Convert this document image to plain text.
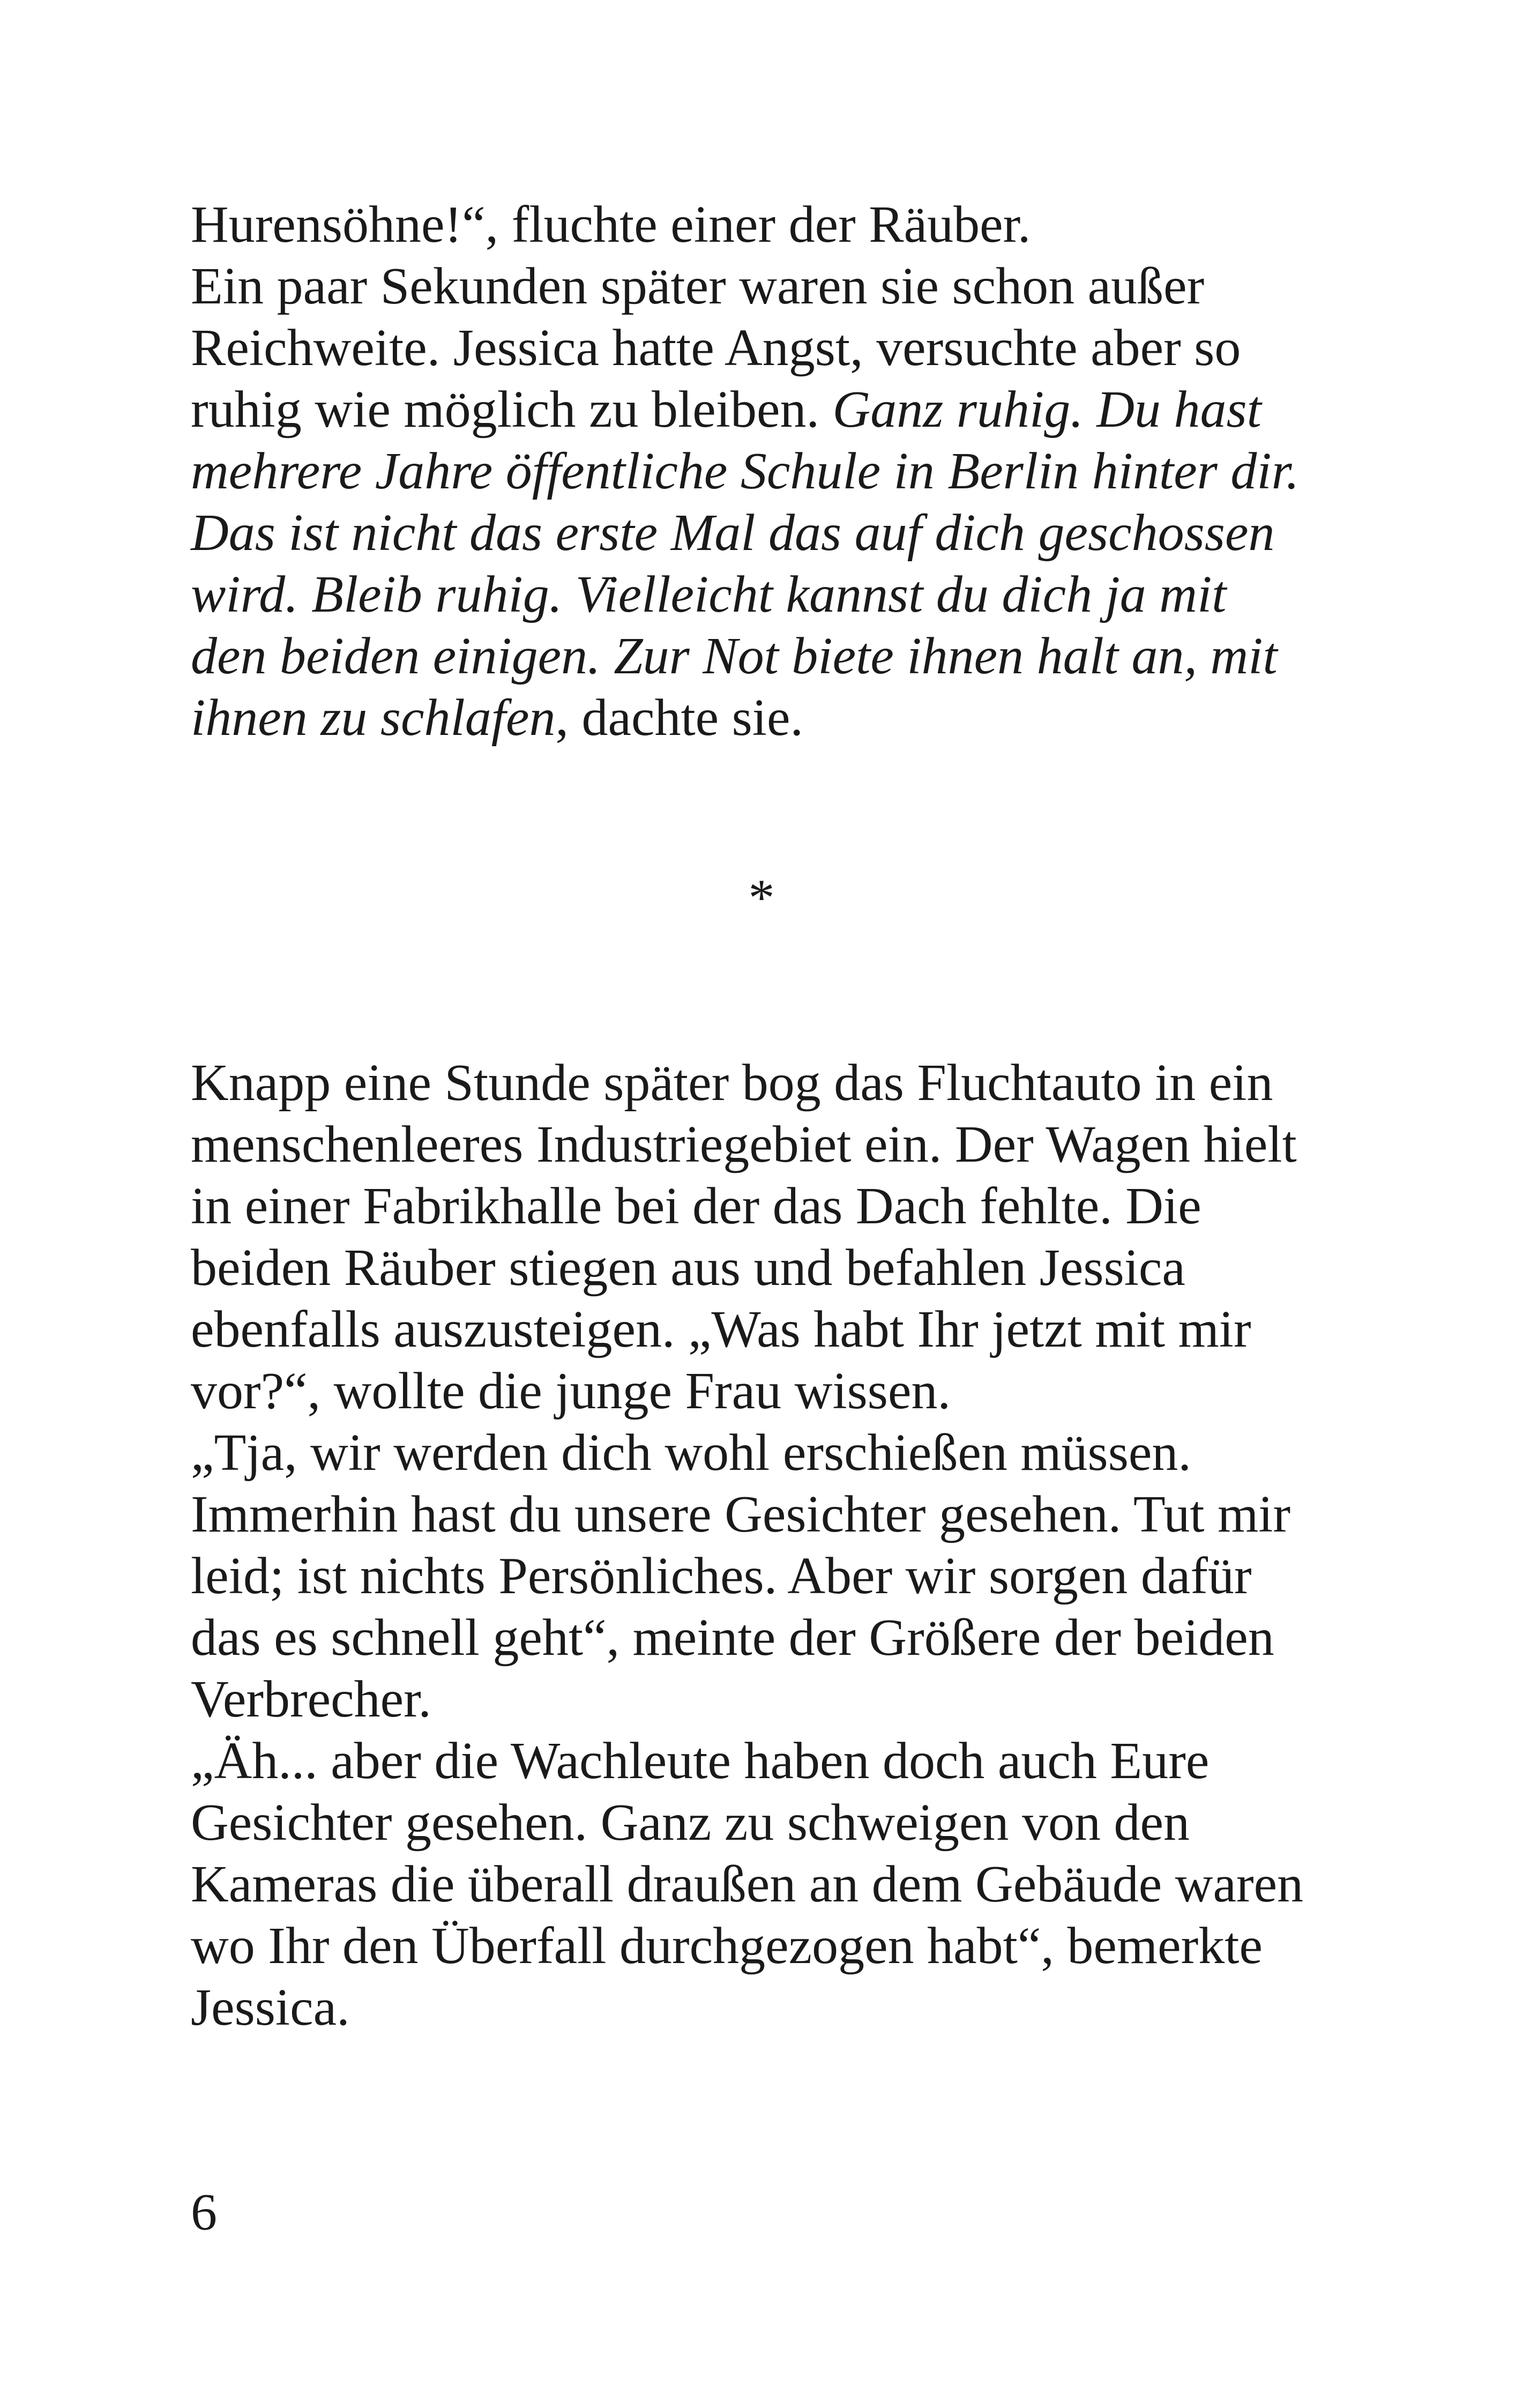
Hurensöhne!“, fluchte einer der Räuber.
Ein paar Sekunden später waren sie schon außer
Reichweite. Jessica hatte Angst, versuchte aber so
ruhig wie möglich zu bleiben. Ganz ruhig. Du hast
mehrere Jahre öffentliche Schule in Berlin hinter dir.
Das ist nicht das erste Mal das auf dich geschossen
wird. Bleib ruhig. Vielleicht kannst du dich ja mit
den beiden einigen. Zur Not biete ihnen halt an, mit
ihnen zu schlafen, dachte sie.

*

Knapp eine Stunde später bog das Fluchtauto in ein
menschenleeres Industriegebiet ein. Der Wagen hielt
in einer Fabrikhalle bei der das Dach fehlte. Die
beiden Räuber stiegen aus und befahlen Jessica
ebenfalls auszusteigen. „Was habt Ihr jetzt mit mir
vor?“, wollte die junge Frau wissen.
„Tja, wir werden dich wohl erschießen müssen.
Immerhin hast du unsere Gesichter gesehen. Tut mir
leid; ist nichts Persönliches. Aber wir sorgen dafür
das es schnell geht“, meinte der Größere der beiden
Verbrecher.
„Äh... aber die Wachleute haben doch auch Eure
Gesichter gesehen. Ganz zu schweigen von den
Kameras die überall draußen an dem Gebäude waren
wo Ihr den Überfall durchgezogen habt“, bemerkte
Jessica.

6
